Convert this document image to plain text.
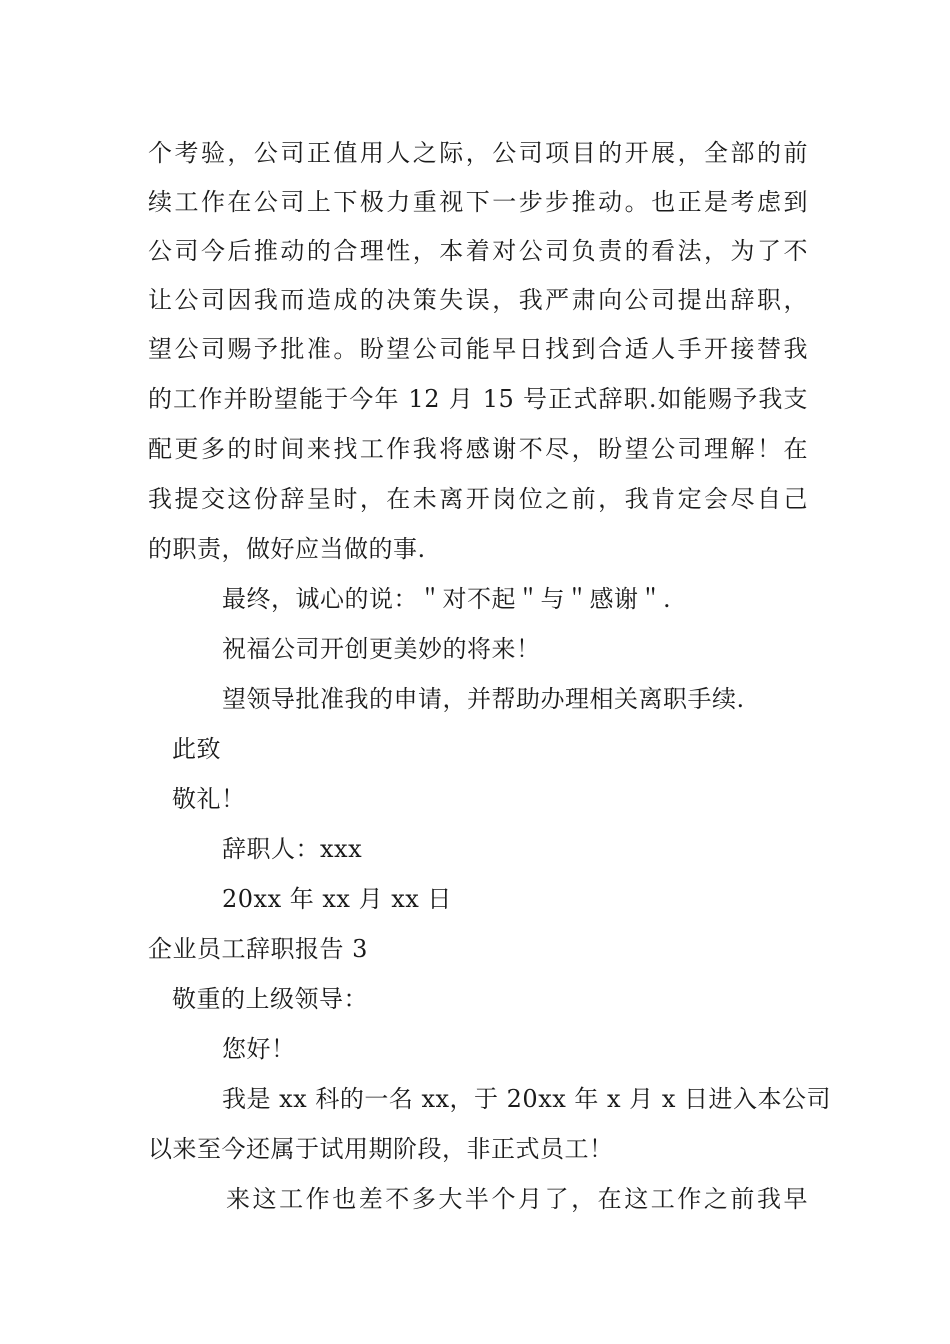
个考验，公司正值用人之际，公司项目的开展，全部的前
续工作在公司上下极力重视下一步步推动。也正是考虑到
公司今后推动的合理性，本着对公司负责的看法，为了不
让公司因我而造成的决策失误，我严肃向公司提出辞职，
望公司赐予批准。盼望公司能早日找到合适人手开接替我
的工作并盼望能于今年 12 月 15 号正式辞职.如能赐予我支
配更多的时间来找工作我将感谢不尽，盼望公司理解！在
我提交这份辞呈时，在未离开岗位之前，我肯定会尽自己
的职责，做好应当做的事.
最终，诚心的说：＂对不起＂与＂感谢＂.
祝福公司开创更美妙的将来！
望领导批准我的申请，并帮助办理相关离职手续.
此致
敬礼！
辞职人：xxx
20xx 年 xx 月 xx 日
企业员工辞职报告 3
敬重的上级领导：
您好！
我是 xx 科的一名 xx，于 20xx 年 x 月 x 日进入本公司
以来至今还属于试用期阶段，非正式员工！
来这工作也差不多大半个月了，在这工作之前我早
